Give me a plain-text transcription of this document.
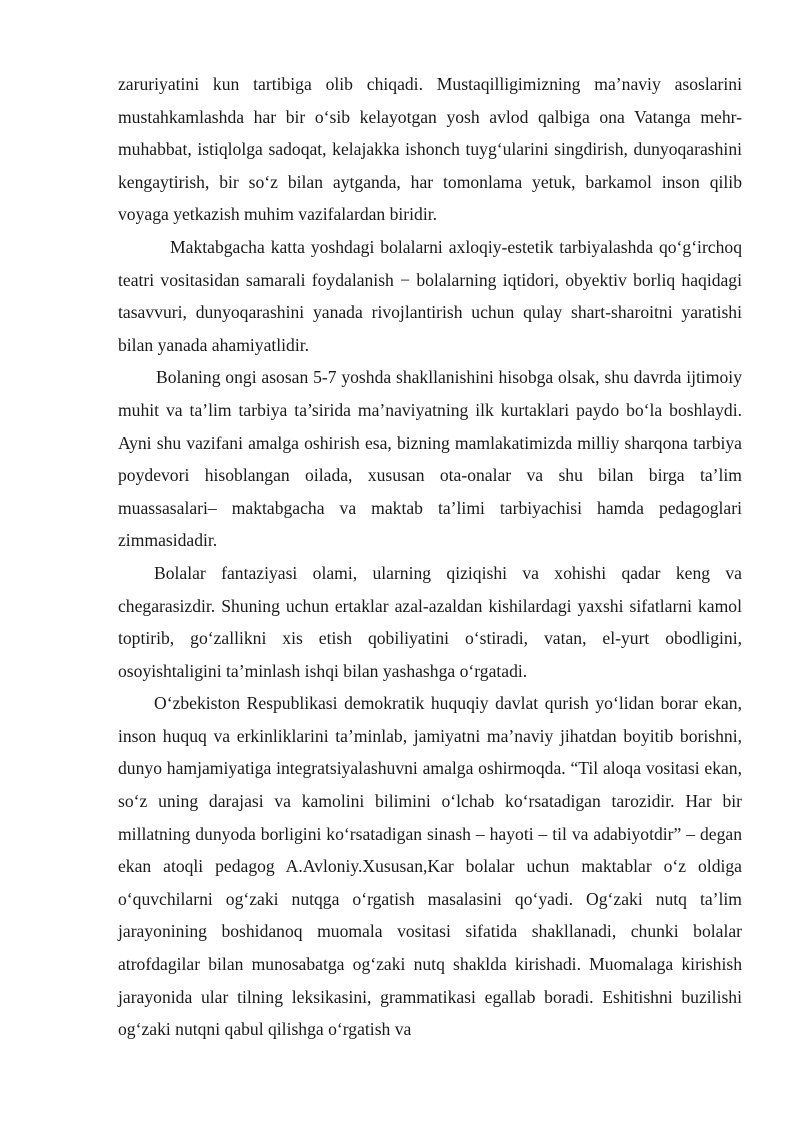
zaruriyatini kun tartibiga olib chiqadi. Mustaqilligimizning ma’naviy asoslarini mustahkamlashda har bir o‘sib kelayotgan yosh avlod qalbiga ona Vatanga mehr-muhabbat, istiqlolga sadoqat, kelajakka ishonch tuyg‘ularini singdirish, dunyoqarashini kengaytirish, bir so‘z bilan aytganda, har tomonlama yetuk, barkamol inson qilib voyaga yetkazish muhim vazifalardan biridir.

Maktabgacha katta yoshdagi bolalarni axloqiy-estetik tarbiyalashda qo‘g‘irchoq teatri vositasidan samarali foydalanish − bolalarning iqtidori, obyektiv borliq haqidagi tasavvuri, dunyoqarashini yanada rivojlantirish uchun qulay shart-sharoitni yaratishi bilan yanada ahamiyatlidir.

Bolaning ongi asosan 5-7 yoshda shakllanishini hisobga olsak, shu davrda ijtimoiy muhit va ta’lim tarbiya ta’sirida ma’naviyatning ilk kurtaklari paydo bo‘la boshlaydi. Ayni shu vazifani amalga oshirish esa, bizning mamlakatimizda milliy sharqona tarbiya poydevori hisoblangan oilada, xususan ota-onalar va shu bilan birga ta’lim muassasalari– maktabgacha va maktab ta’limi tarbiyachisi hamda pedagoglari zimmasidadir.

Bolalar fantaziyasi olami, ularning qiziqishi va xohishi qadar keng va chegarasizdir. Shuning uchun ertaklar azal-azaldan kishilardagi yaxshi sifatlarni kamol toptirib, go‘zallikni xis etish qobiliyatini o‘stiradi, vatan, el-yurt obodligini, osoyishtaligini ta’minlash ishqi bilan yashashga o‘rgatadi.

O‘zbekiston Respublikasi demokratik huquqiy davlat qurish yo‘lidan borar ekan, inson huquq va erkinliklarini ta’minlab, jamiyatni ma’naviy jihatdan boyitib borishni, dunyo hamjamiyatiga integratsiyalashuvni amalga oshirmoqda. “Til aloqa vositasi ekan, so‘z uning darajasi va kamolini bilimini o‘lchab ko‘rsatadigan tarozidir. Har bir millatning dunyoda borligini ko‘rsatadigan sinash – hayoti – til va adabiyotdir” – degan ekan atoqli pedagog A.Avloniy.Xususan,Kar bolalar uchun maktablar o‘z oldiga o‘quvchilarni og‘zaki nutqga o‘rgatish masalasini qo‘yadi. Og‘zaki nutq ta’lim jarayonining boshidanoq muomala vositasi sifatida shakllanadi, chunki bolalar atrofdagilar bilan munosabatga og‘zaki nutq shaklda kirishadi. Muomalaga kirishish jarayonida ular tilning leksikasini, grammatikasi egallab boradi. Eshitishni buzilishi og‘zaki nutqni qabul qilishga o‘rgatish va
